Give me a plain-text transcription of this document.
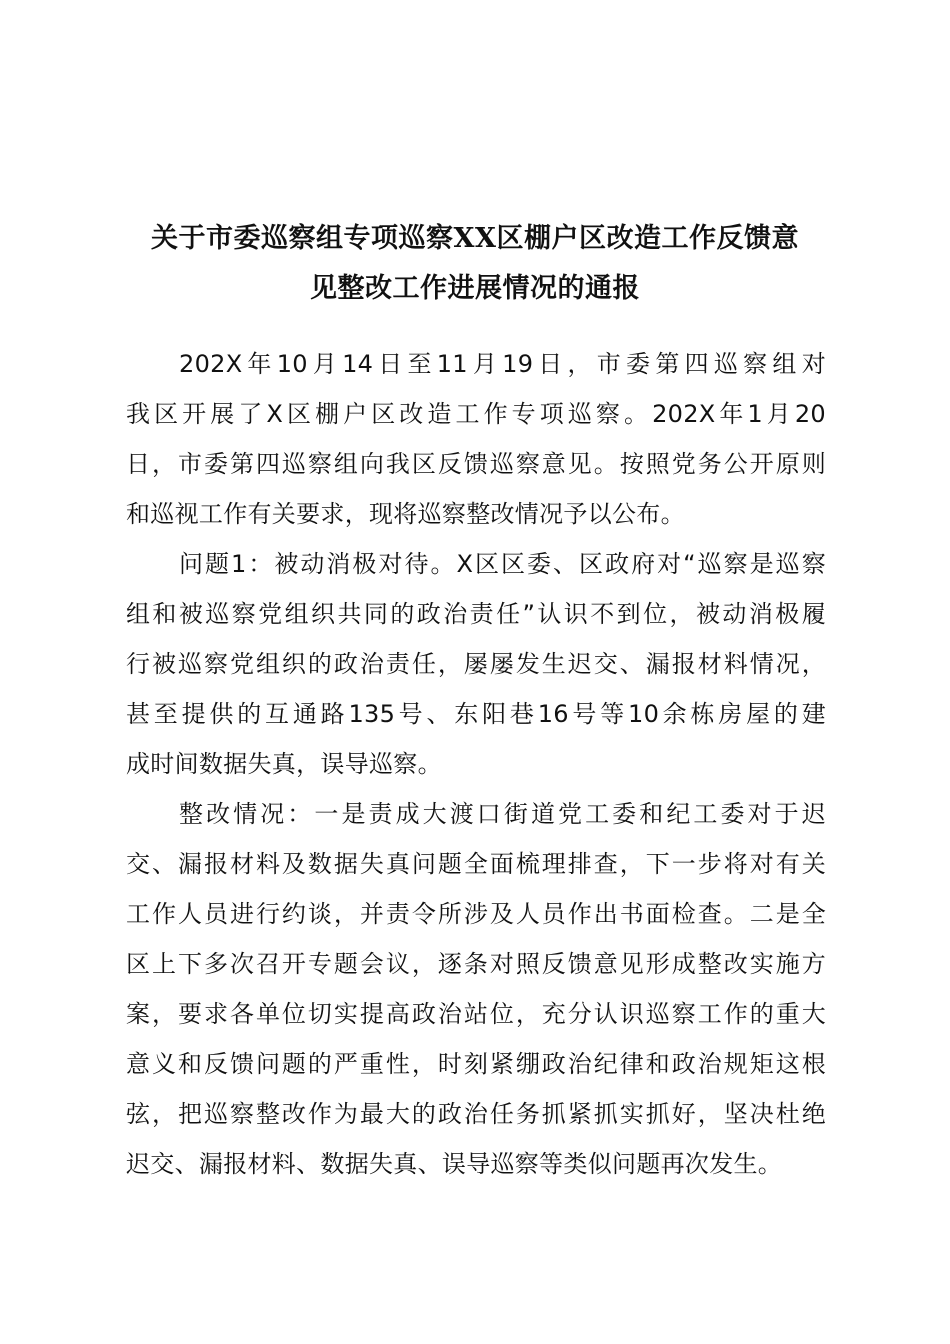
关于市委巡察组专项巡察XX区棚户区改造工作反馈意
见整改工作进展情况的通报

202X年10月14日至11月19日，市委第四巡察组对
我区开展了X区棚户区改造工作专项巡察。202X年1月20
日，市委第四巡察组向我区反馈巡察意见。按照党务公开原则
和巡视工作有关要求，现将巡察整改情况予以公布。

问题1：被动消极对待。X区区委、区政府对“巡察是巡察
组和被巡察党组织共同的政治责任”认识不到位，被动消极履
行被巡察党组织的政治责任，屡屡发生迟交、漏报材料情况，
甚至提供的互通路135号、东阳巷16号等10余栋房屋的建
成时间数据失真，误导巡察。

整改情况：一是责成大渡口街道党工委和纪工委对于迟
交、漏报材料及数据失真问题全面梳理排查，下一步将对有关
工作人员进行约谈，并责令所涉及人员作出书面检查。二是全
区上下多次召开专题会议，逐条对照反馈意见形成整改实施方
案，要求各单位切实提高政治站位，充分认识巡察工作的重大
意义和反馈问题的严重性，时刻紧绷政治纪律和政治规矩这根
弦，把巡察整改作为最大的政治任务抓紧抓实抓好，坚决杜绝
迟交、漏报材料、数据失真、误导巡察等类似问题再次发生。
